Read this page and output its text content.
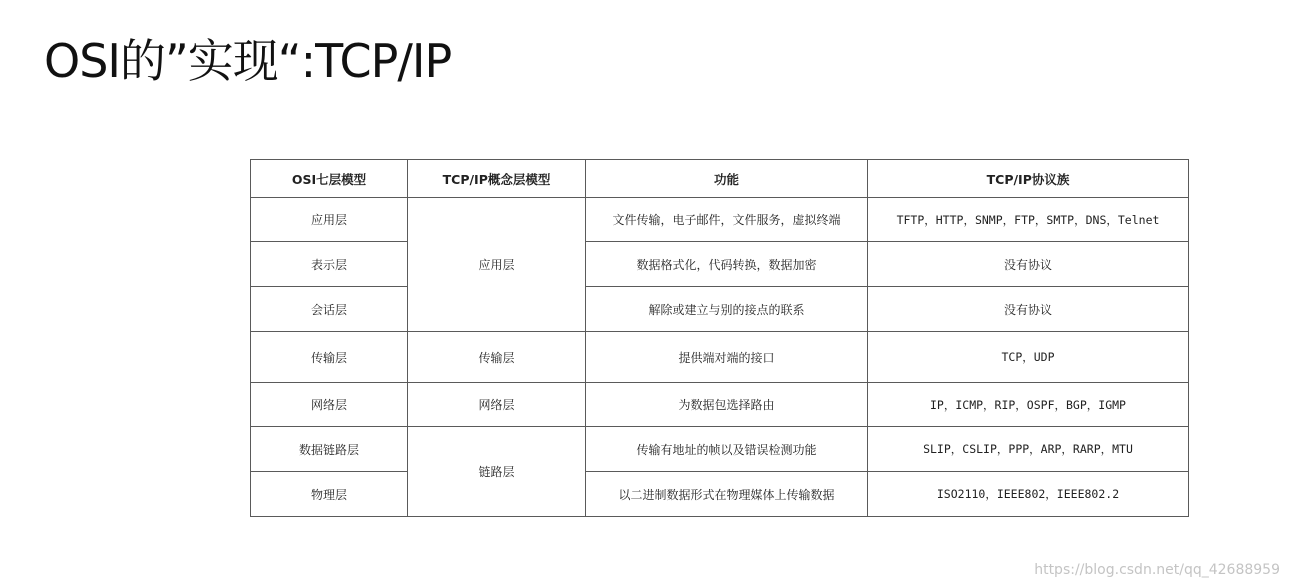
OSI的”实现“:TCP/IP
OSI七层模型	TCP/IP概念层模型	功能	TCP/IP协议族
应用层	应用层	文件传输，电子邮件，文件服务，虚拟终端	TFTP，HTTP，SNMP，FTP，SMTP，DNS，Telnet
表示层		数据格式化，代码转换，数据加密	没有协议
会话层		解除或建立与别的接点的联系	没有协议
传输层	传输层	提供端对端的接口	TCP，UDP
网络层	网络层	为数据包选择路由	IP，ICMP，RIP，OSPF，BGP，IGMP
数据链路层	链路层	传输有地址的帧以及错误检测功能	SLIP，CSLIP，PPP，ARP，RARP，MTU
物理层		以二进制数据形式在物理媒体上传输数据	ISO2110，IEEE802，IEEE802.2
https://blog.csdn.net/qq_42688959
